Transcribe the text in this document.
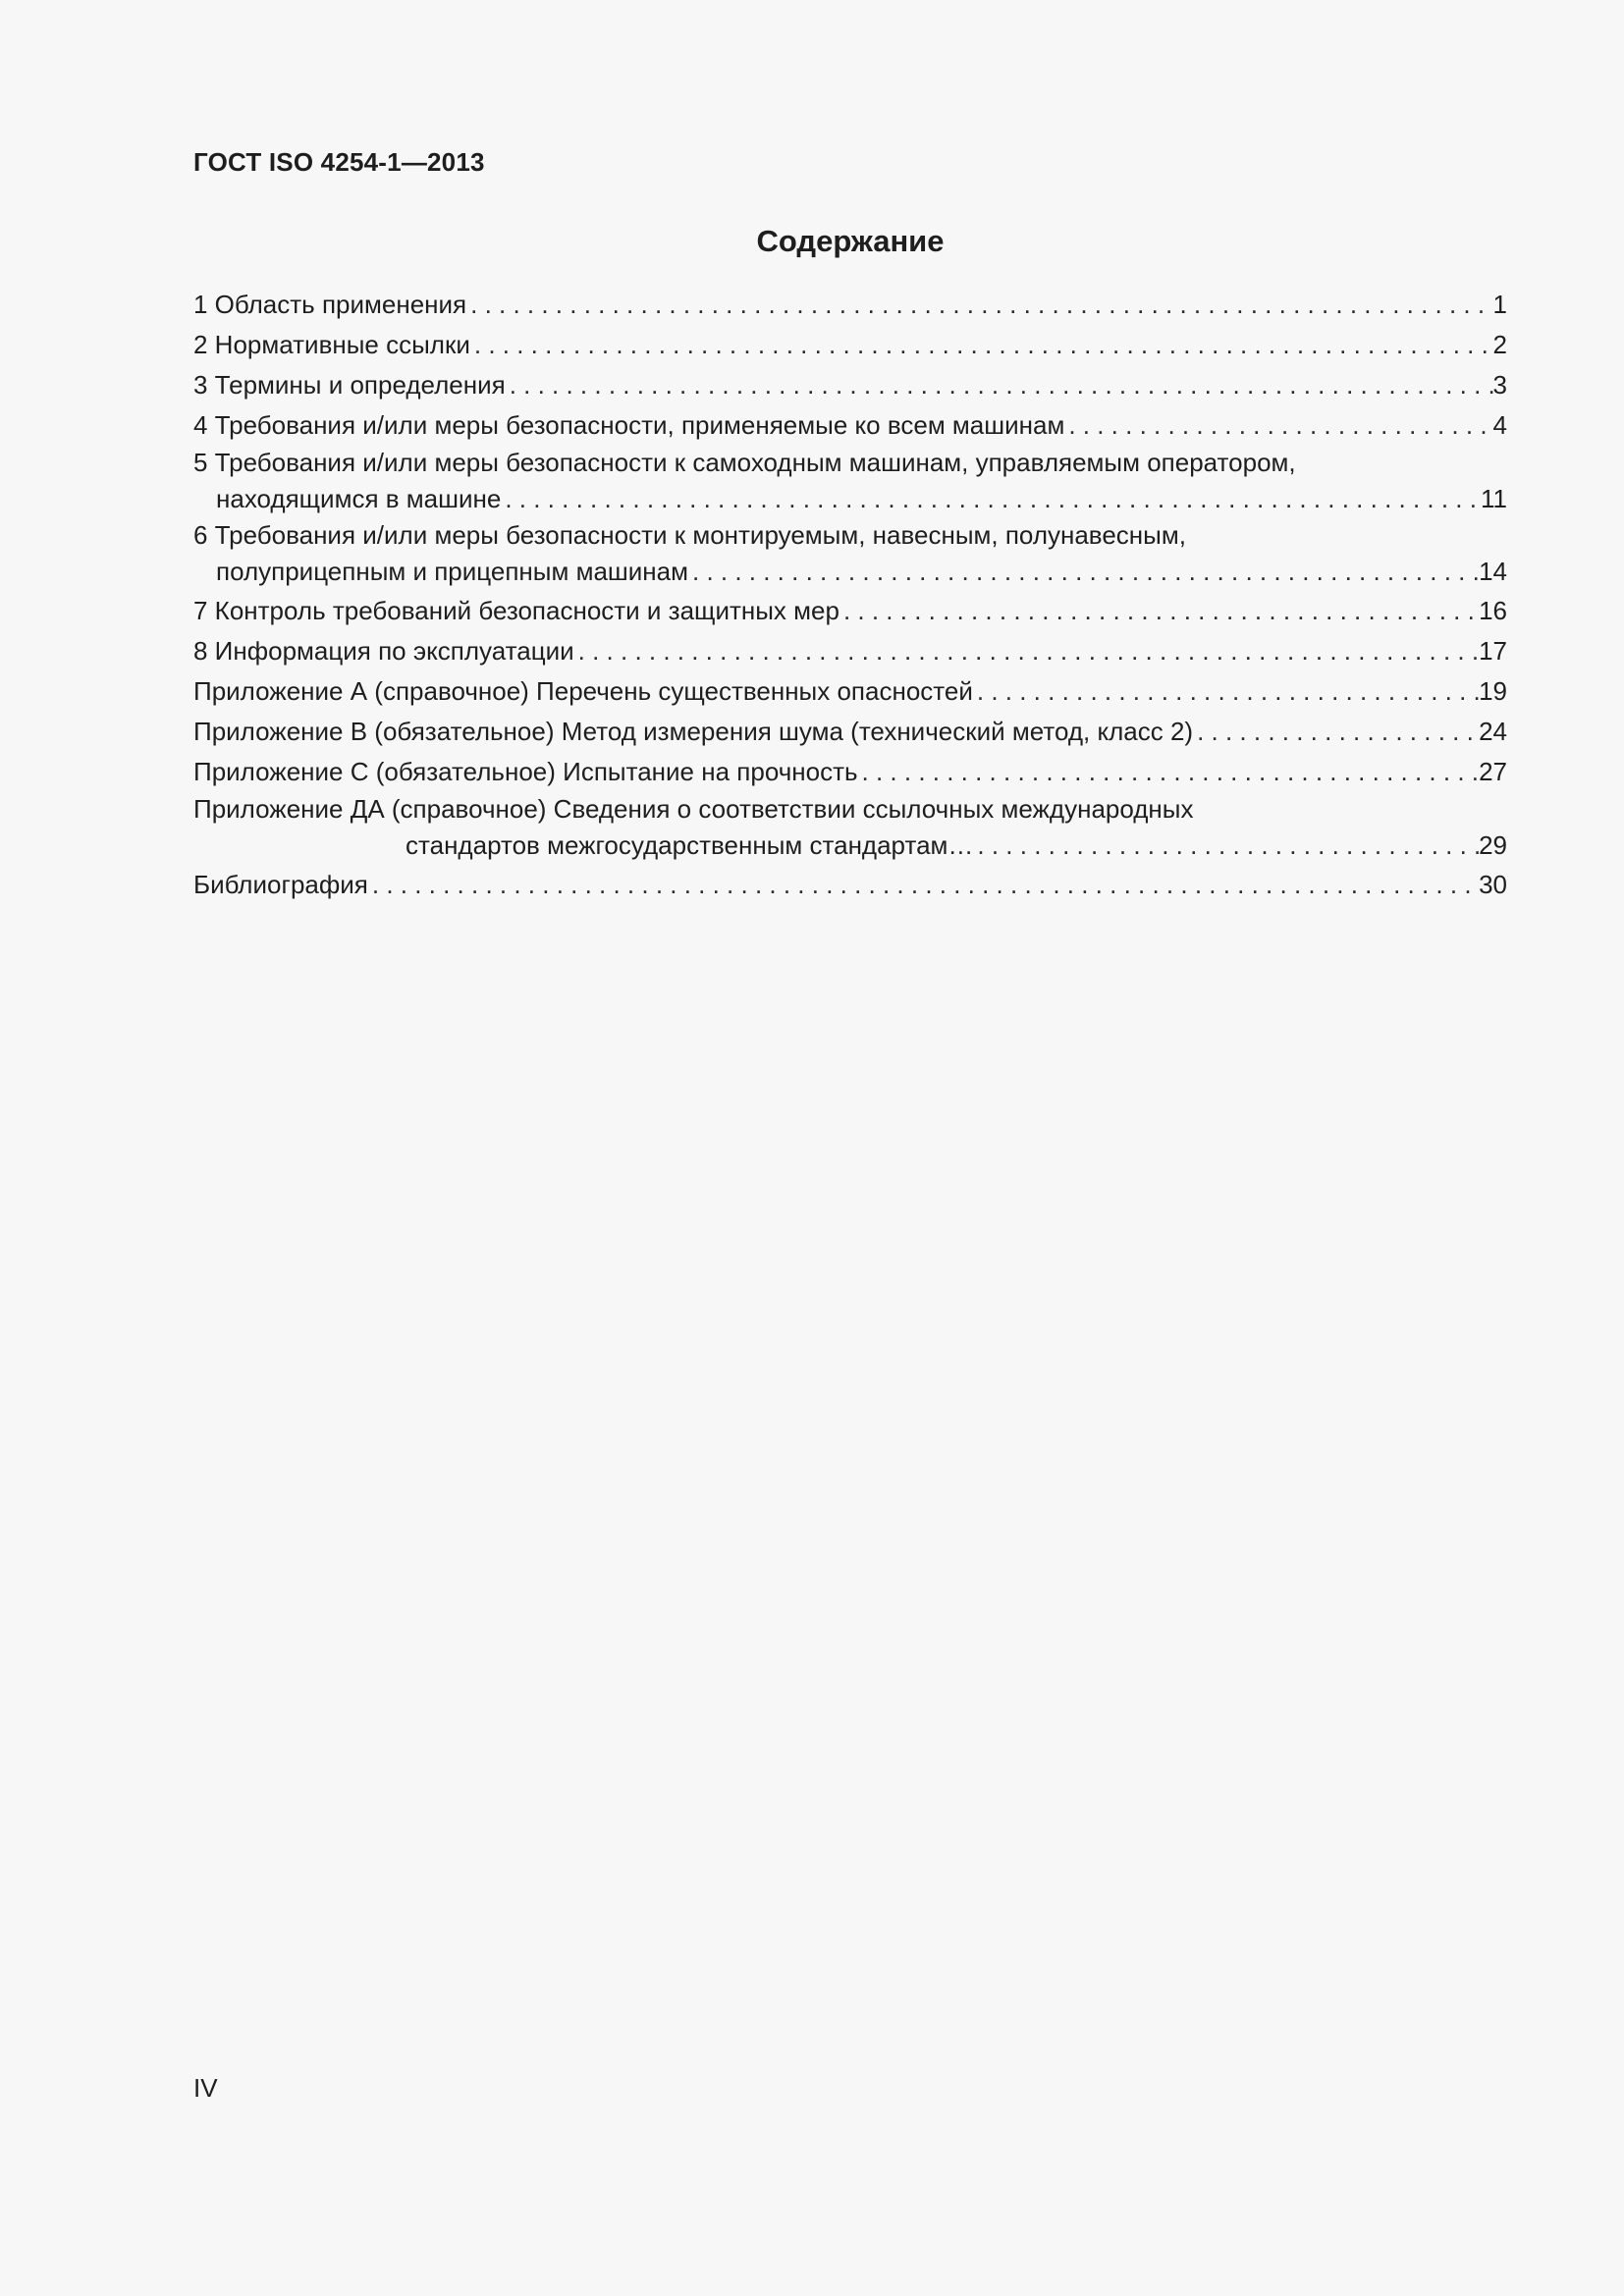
ГОСТ ISO 4254-1—2013
Содержание
1 Область применения . . .	1
2 Нормативные ссылки . . .	2
3 Термины и определения . . .	3
4 Требования и/или меры безопасности, применяемые ко всем машинам . . .	4
5 Требования и/или меры безопасности к самоходным машинам, управляемым оператором,
находящимся в машине . . .	11
6 Требования и/или меры безопасности к монтируемым, навесным, полунавесным,
полуприцепным и прицепным машинам . . .	14
7 Контроль требований безопасности и защитных мер . . .	16
8 Информация по эксплуатации . . .	17
Приложение А (справочное) Перечень существенных опасностей . . .	19
Приложение В (обязательное) Метод измерения шума (технический метод, класс 2) . . .	24
Приложение С (обязательное) Испытание на прочность . . .	27
Приложение ДА (справочное) Сведения о соответствии ссылочных международных
стандартов межгосударственным стандартам… . . .	29
Библиография . . .	30
IV
